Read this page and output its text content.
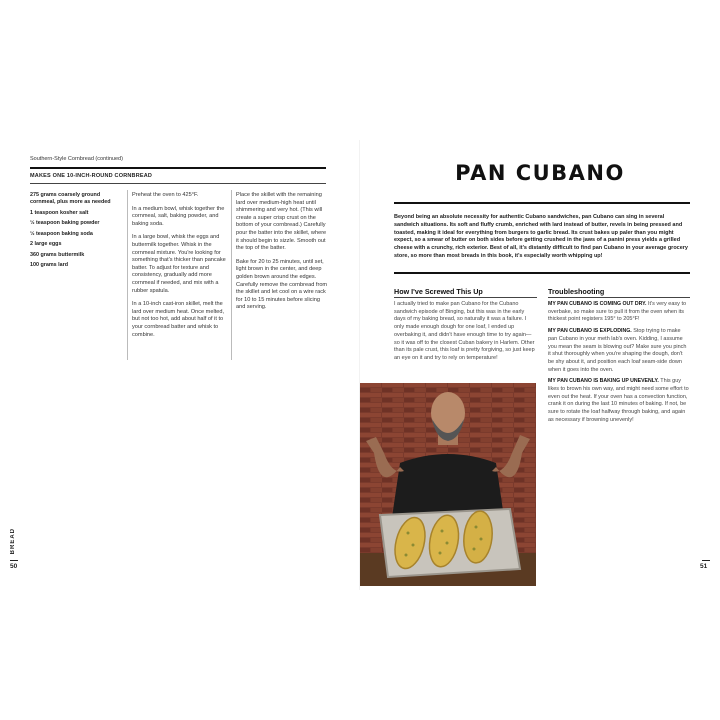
Southern-Style Cornbread (continued)
MAKES ONE 10-INCH-ROUND CORNBREAD
275 grams coarsely ground cornmeal, plus more as needed
1 teaspoon kosher salt
½ teaspoon baking powder
½ teaspoon baking soda
2 large eggs
360 grams buttermilk
100 grams lard

Preheat the oven to 425°F.

In a medium bowl, whisk together the cornmeal, salt, baking powder, and baking soda.

In a large bowl, whisk the eggs and buttermilk together. Whisk in the cornmeal mixture. You're looking for something that's thicker than pancake batter. To adjust for texture and consistency, gradually add more cornmeal if needed, and mix with a rubber spatula.

In a 10-inch cast-iron skillet, melt the lard over medium heat. Once melted, but not too hot, add about half of it to your cornbread batter and whisk to combine.

Place the skillet with the remaining lard over medium-high heat until shimmering and very hot. (This will create a super crisp crust on the bottom of your cornbread.) Carefully pour the batter into the skillet, where it should begin to sizzle. Smooth out the top of the batter.

Bake for 20 to 25 minutes, until set, light brown in the center, and deep golden brown around the edges. Carefully remove the cornbread from the skillet and let cool on a wire rack for 10 to 15 minutes before slicing and serving.

BREAD
50
PAN CUBANO
Beyond being an absolute necessity for authentic Cubano sandwiches, pan Cubano can sing in several sandwich situations. Its soft and fluffy crumb, enriched with lard instead of butter, revels in being pressed and toasted, making it ideal for everything from burgers to garlic bread. Its crust bakes up paler than you might expect, so a smear of butter on both sides before getting crushed in the jaws of a panini press yields a grilled cheese with a crunchy, rich exterior. Best of all, it's distantly difficult to find pan Cubano in your average grocery store, so more than most breads in this book, it's especially worth whipping up!
How I've Screwed This Up

I actually tried to make pan Cubano for the Cubano sandwich episode of Binging, but this was in the early days of my baking bread, so naturally it was a failure. I only made enough dough for one loaf, I ended up overbaking it, and didn't have enough time to try again—so it was off to the closest Cuban bakery in Harlem. Other than its pale crust, this loaf is pretty forgiving, so just keep an eye on it and try to rely on temperature!

Troubleshooting

MY PAN CUBANO IS COMING OUT DRY. It's very easy to overbake, so make sure to pull it from the oven when its thickest point registers 195° to 205°F!

MY PAN CUBANO IS EXPLODING. Stop trying to make pan Cubano in your meth lab's oven. Kidding, I assume you mean the seam is blowing out? Make sure you pinch it shut thoroughly when you're shaping the dough, don't be shy about it, and position each loaf seam-side down when it goes into the oven.

MY PAN CUBANO IS BAKING UP UNEVENLY. This guy likes to brown his own way, and might need some effort to even out the heat. If your oven has a convection function, crank it on during the last 10 minutes of baking. If not, be sure to rotate the loaf halfway through baking, and again as necessary if browning unevenly!

51
